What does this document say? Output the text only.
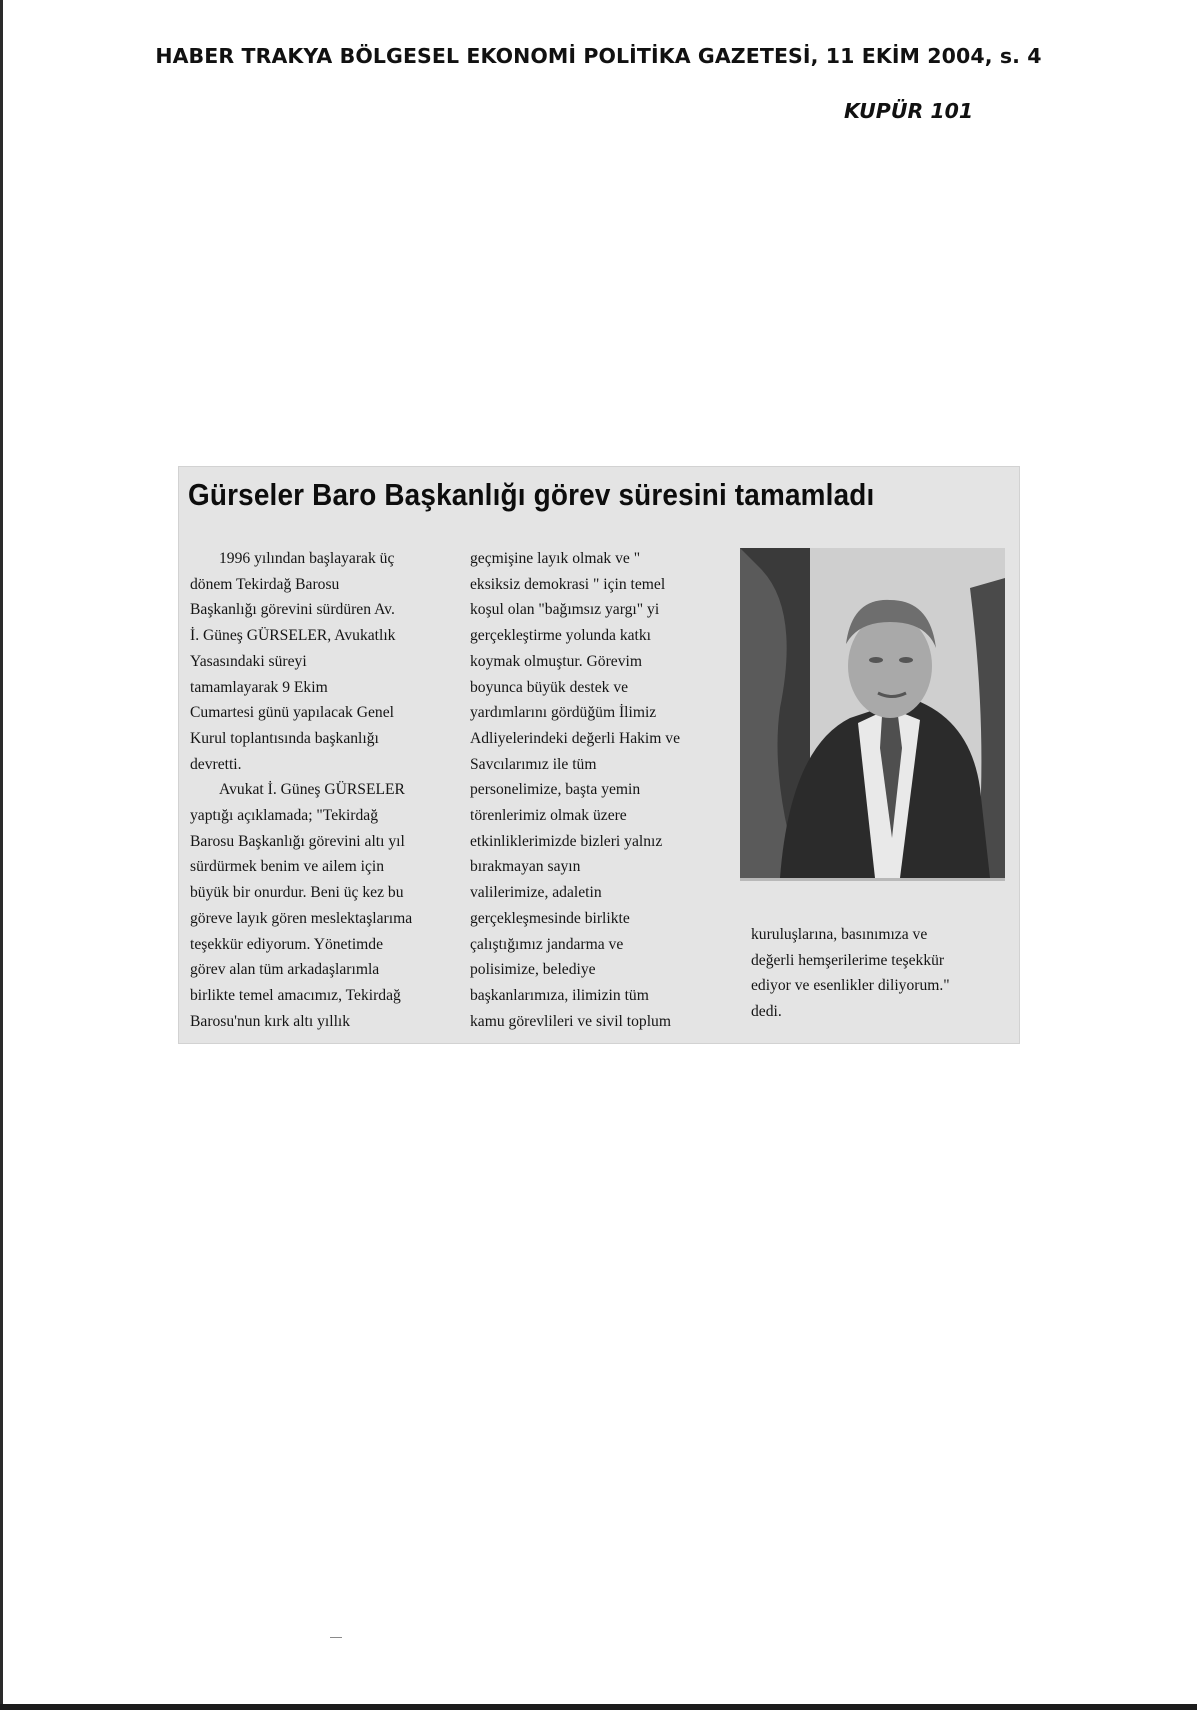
HABER TRAKYA BÖLGESEL EKONOMİ POLİTİKA GAZETESİ, 11 EKİM 2004, s. 4
KUPÜR 101
Gürseler Baro Başkanlığı görev süresini tamamladı

1996 yılından başlayarak üç
dönem Tekirdağ Barosu
Başkanlığı görevini sürdüren Av.
İ. Güneş GÜRSELER, Avukatlık
Yasasındaki süreyi
tamamlayarak 9 Ekim
Cumartesi günü yapılacak Genel
Kurul toplantısında başkanlığı
devretti.

Avukat İ. Güneş GÜRSELER
yaptığı açıklamada; "Tekirdağ
Barosu Başkanlığı görevini altı yıl
sürdürmek benim ve ailem için
büyük bir onurdur. Beni üç kez bu
göreve layık gören meslektaşlarıma
teşekkür ediyorum. Yönetimde
görev alan tüm arkadaşlarımla
birlikte temel amacımız, Tekirdağ
Barosu'nun kırk altı yıllık

geçmişine layık olmak ve "
eksiksiz demokrasi " için temel
koşul olan "bağımsız yargı" yi
gerçekleştirme yolunda katkı
koymak olmuştur. Görevim
boyunca büyük destek ve
yardımlarını gördüğüm İlimiz
Adliyelerindeki değerli Hakim ve
Savcılarımız ile tüm
personelimize, başta yemin
törenlerimiz olmak üzere
etkinliklerimizde bizleri yalnız
bırakmayan sayın
valilerimize, adaletin
gerçekleşmesinde birlikte
çalıştığımız jandarma ve
polisimize, belediye
başkanlarımıza, ilimizin tüm
kamu görevlileri ve sivil toplum

kuruluşlarına, basınımıza ve
değerli hemşerilerime teşekkür
ediyor ve esenlikler diliyorum."
dedi.
